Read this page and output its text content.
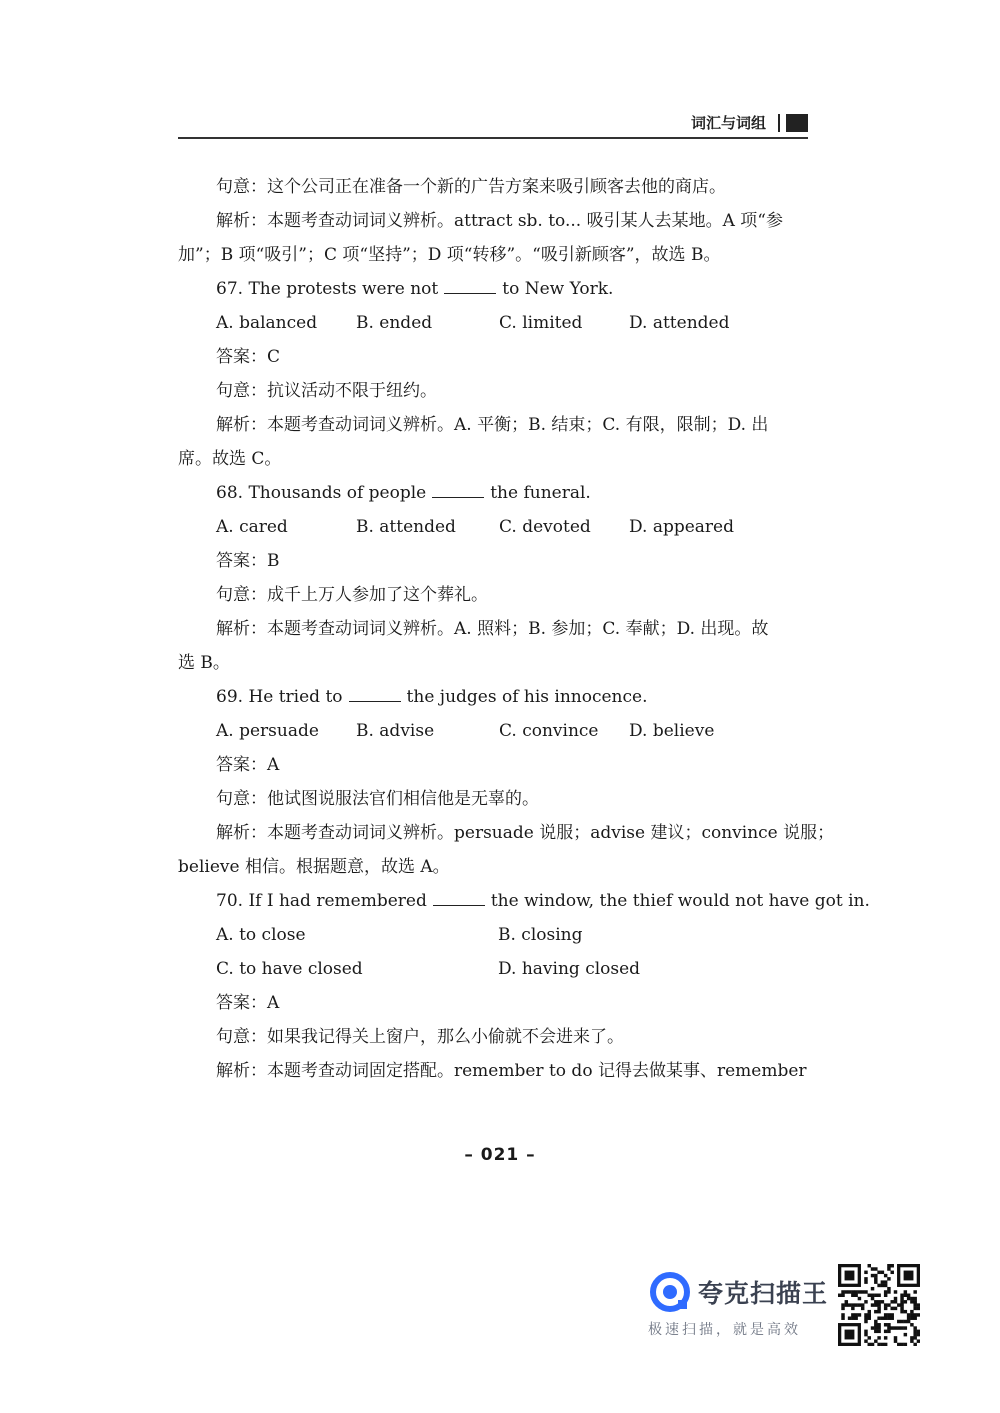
词汇与词组
句意：这个公司正在准备一个新的广告方案来吸引顾客去他的商店。
解析：本题考查动词词义辨析。attract sb. to... 吸引某人去某地。A 项“参
加”；B 项“吸引”；C 项“坚持”；D 项“转移”。“吸引新顾客”，故选 B。
67. The protests were not	to New York.
A. balanced	B. ended	C. limited	D. attended
答案：C
句意：抗议活动不限于纽约。
解析：本题考查动词词义辨析。A. 平衡；B. 结束；C. 有限，限制；D. 出
席。故选 C。
68. Thousands of people	the funeral.
A. cared	B. attended	C. devoted	D. appeared
答案：B
句意：成千上万人参加了这个葬礼。
解析：本题考查动词词义辨析。A. 照料；B. 参加；C. 奉献；D. 出现。故
选 B。
69. He tried to	the judges of his innocence.
A. persuade	B. advise	C. convince	D. believe
答案：A
句意：他试图说服法官们相信他是无辜的。
解析：本题考查动词词义辨析。persuade 说服；advise 建议；convince 说服；
believe 相信。根据题意，故选 A。
70. If I had remembered	the window, the thief would not have got in.
A. to close	B. closing
C. to have closed	D. having closed
答案：A
句意：如果我记得关上窗户，那么小偷就不会进来了。
解析：本题考查动词固定搭配。remember to do 记得去做某事、remember
– 021 –
夸克扫描王
极速扫描，就是高效
